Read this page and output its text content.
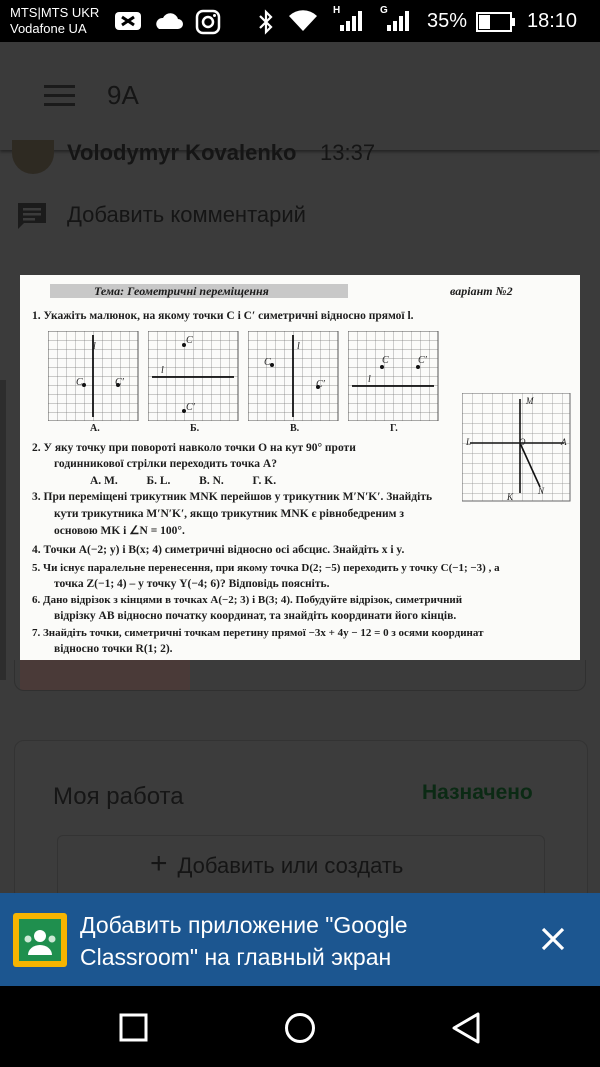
MTS|MTS UKR
Vodafone UA
H	G 35%	18:10
9A
Volodymyr Kovalenko 13:37
Добавить комментарий
Моя работа	Назначено
+ Добавить или создать
Тема: Геометричні переміщення	варіант №2
1. Укажіть малюнок, на якому точки C і C′ симетричні відносно прямої l.
l
C	C′
l
C
C′
l
C
C′	l
C	C′
А.	Б.	В.	Г.
L
M
O	A
N
K
2. У яку точку при повороті навколо точки O на кут 90° проти
годинникової стрілки переходить точка A?
А. M.          Б. L.          В. N.          Г. K.
3. При переміщені трикутник MNK перейшов у трикутник M′N′K′. Знайдіть
кути трикутника M′N′K′, якщо трикутник MNK є рівнобедреним з
основою MK і ∠N = 100°.
4. Точки A(−2; y) і B(x; 4) симетричні відносно осі абсцис. Знайдіть x і y.
5. Чи існує паралельне перенесення, при якому точка D(2; −5) переходить у точку C(−1; −3) , а
точка Z(−1; 4) – у точку Y(−4; 6)? Відповідь поясніть.
6. Дано відрізок з кінцями в точках A(−2; 3) і B(3; 4). Побудуйте відрізок, симетричний
відрізку AB відносно початку координат, та знайдіть координати його кінців.
7. Знайдіть точки, симетричні точкам перетину прямої −3x + 4y − 12 = 0 з осями координат
відносно точки R(1; 2).
Добавить приложение "Google Classroom" на главный экран
